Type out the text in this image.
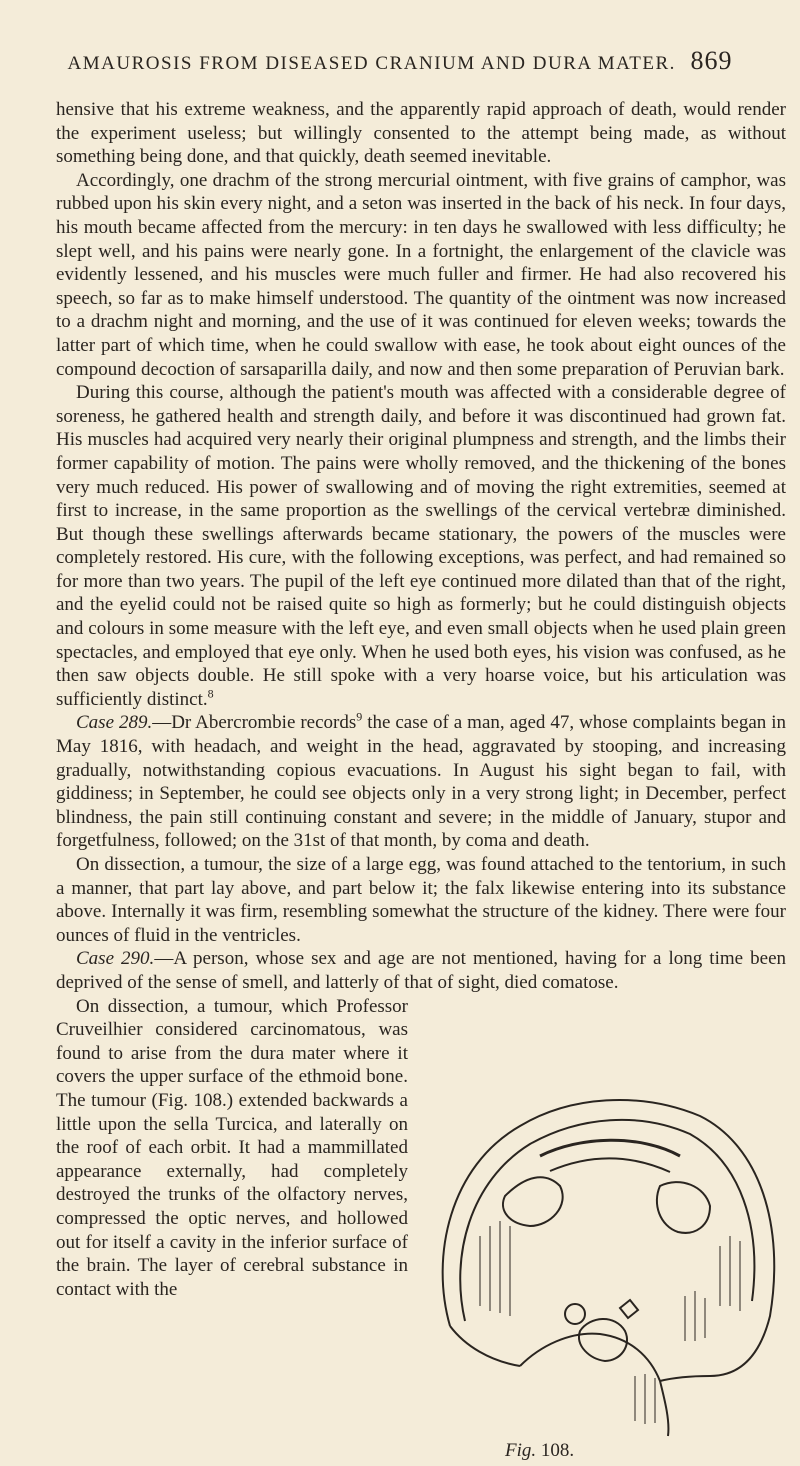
AMAUROSIS FROM DISEASED CRANIUM AND DURA MATER. 869

hensive that his extreme weakness, and the apparently rapid approach of death, would render the experiment useless; but willingly consented to the attempt being made, as without something being done, and that quickly, death seemed inevitable.

Accordingly, one drachm of the strong mercurial ointment, with five grains of camphor, was rubbed upon his skin every night, and a seton was inserted in the back of his neck. In four days, his mouth became affected from the mercury: in ten days he swallowed with less difficulty; he slept well, and his pains were nearly gone. In a fortnight, the enlargement of the clavicle was evidently lessened, and his muscles were much fuller and firmer. He had also recovered his speech, so far as to make himself understood. The quantity of the ointment was now increased to a drachm night and morning, and the use of it was continued for eleven weeks; towards the latter part of which time, when he could swallow with ease, he took about eight ounces of the compound decoction of sarsaparilla daily, and now and then some preparation of Peruvian bark.

During this course, although the patient's mouth was affected with a considerable degree of soreness, he gathered health and strength daily, and before it was discontinued had grown fat. His muscles had acquired very nearly their original plumpness and strength, and the limbs their former capability of motion. The pains were wholly removed, and the thickening of the bones very much reduced. His power of swallowing and of moving the right extremities, seemed at first to increase, in the same proportion as the swellings of the cervical vertebræ diminished. But though these swellings afterwards became stationary, the powers of the muscles were completely restored. His cure, with the following exceptions, was perfect, and had remained so for more than two years. The pupil of the left eye continued more dilated than that of the right, and the eyelid could not be raised quite so high as formerly; but he could distinguish objects and colours in some measure with the left eye, and even small objects when he used plain green spectacles, and employed that eye only. When he used both eyes, his vision was confused, as he then saw objects double. He still spoke with a very hoarse voice, but his articulation was sufficiently distinct.$^8$

Case 289.—Dr Abercrombie records$^9$ the case of a man, aged 47, whose complaints began in May 1816, with headach, and weight in the head, aggravated by stooping, and increasing gradually, notwithstanding copious evacuations. In August his sight began to fail, with giddiness; in September, he could see objects only in a very strong light; in December, perfect blindness, the pain still continuing constant and severe; in the middle of January, stupor and forgetfulness, followed; on the 31st of that month, by coma and death.

On dissection, a tumour, the size of a large egg, was found attached to the tentorium, in such a manner, that part lay above, and part below it; the falx likewise entering into its substance above. Internally it was firm, resembling somewhat the structure of the kidney. There were four ounces of fluid in the ventricles.

Case 290.—A person, whose sex and age are not mentioned, having for a long time been deprived of the sense of smell, and latterly of that of sight, died comatose.

On dissection, a tumour, which Professor Cruveilhier considered carcinomatous, was found to arise from the dura mater where it covers the upper surface of the ethmoid bone. The tumour (Fig. 108.) extended backwards a little upon the sella Turcica, and laterally on the roof of each orbit. It had a mammillated appearance externally, had completely destroyed the trunks of the olfactory nerves, compressed the optic nerves, and hollowed out for itself a cavity in the inferior surface of the brain. The layer of cerebral substance in contact with the

Fig. 108.
